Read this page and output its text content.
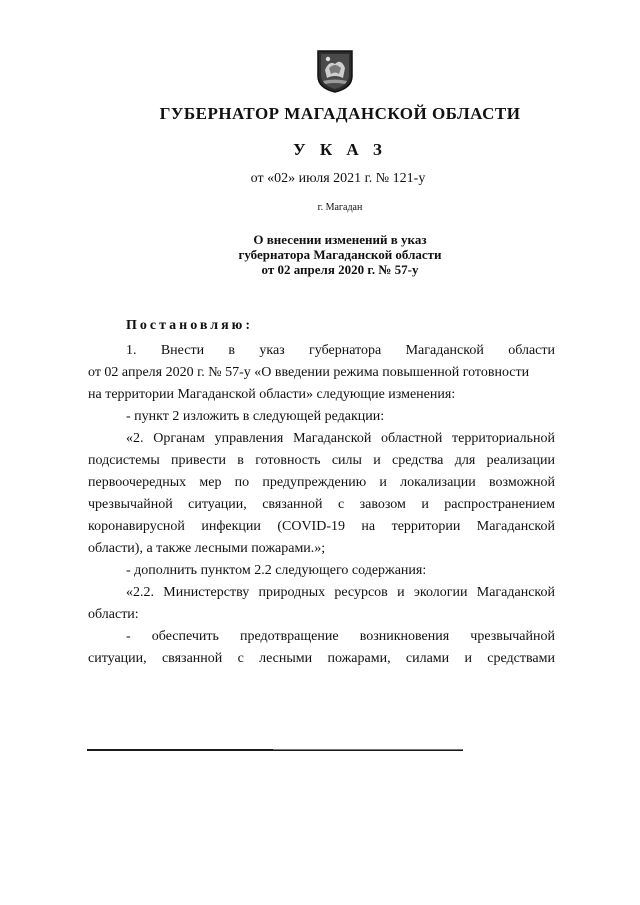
ГУБЕРНАТОР МАГАДАНСКОЙ ОБЛАСТИ
У К А З
от «02» июля 2021 г. № 121-у
г. Магадан
О внесении изменений в указ
губернатора Магаданской области
от 02 апреля 2020 г. № 57-у
Постановляю:
1. Внести в указ губернатора Магаданской области
от 02 апреля 2020 г. № 57-у «О введении режима повышенной готовности
на территории Магаданской области» следующие изменения:
- пункт 2 изложить в следующей редакции:
«2. Органам управления Магаданской областной территориальной
подсистемы привести в готовность силы и средства для реализации
первоочередных мер по предупреждению и локализации возможной
чрезвычайной ситуации, связанной с завозом и распространением
коронавирусной инфекции (COVID-19 на территории Магаданской
области), а также лесными пожарами.»;
- дополнить пунктом 2.2 следующего содержания:
«2.2. Министерству природных ресурсов и экологии Магаданской
области:
- обеспечить предотвращение возникновения чрезвычайной
ситуации, связанной с лесными пожарами, силами и средствами
